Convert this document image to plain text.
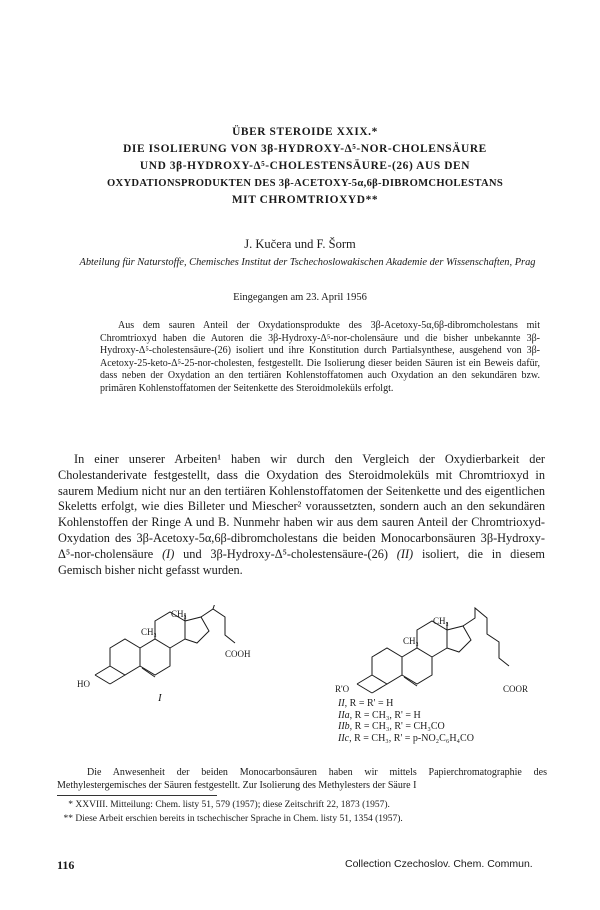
ÜBER STEROIDE XXIX.*
DIE ISOLIERUNG VON 3β-HYDROXY-Δ⁵-NOR-CHOLENSÄURE
UND 3β-HYDROXY-Δ⁵-CHOLESTENSÄURE-(26) AUS DEN
OXYDATIONSPRODUKTEN DES 3β-ACETOXY-5α,6β-DIBROMCHOLESTANS
MIT CHROMTRIOXYD**
J. Kučera und F. Šorm
Abteilung für Naturstoffe, Chemisches Institut der Tschechoslowakischen Akademie der Wissenschaften, Prag
Eingegangen am 23. April 1956
Aus dem sauren Anteil der Oxydationsprodukte des 3β-Acetoxy-5α,6β-dibromcholestans mit Chromtrioxyd haben die Autoren die 3β-Hydroxy-Δ⁵-nor-cholensäure und die bisher unbekannte 3β-Hydroxy-Δ⁵-cholestensäure-(26) isoliert und ihre Konstitution durch Partialsynthese, ausgehend von 3β-Acetoxy-25-keto-Δ⁵-25-nor-cholesten, festgestellt. Die Isolierung dieser beiden Säuren ist ein Beweis dafür, dass neben der Oxydation an den tertiären Kohlenstoffatomen auch Oxydation an den sekundären bzw. primären Kohlenstoffatomen der Seitenkette des Steroidmoleküls erfolgt.
In einer unserer Arbeiten¹ haben wir durch den Vergleich der Oxydierbarkeit der Cholestanderivate festgestellt, dass die Oxydation des Steroidmoleküls mit Chromtrioxyd in saurem Medium nicht nur an den tertiären Kohlenstoffatomen der Seitenkette und des eigentlichen Skeletts erfolgt, wie dies Billeter und Miescher² voraussetzten, sondern auch an den sekundären Kohlenstoffen der Ringe A und B. Nunmehr haben wir aus dem sauren Anteil der Chromtrioxyd-Oxydation des 3β-Acetoxy-5α,6β-dibromcholestans die beiden Monocarbonsäuren 3β-Hydroxy-Δ⁵-nor-cholensäure (I) und 3β-Hydroxy-Δ⁵-cholestensäure-(26) (II) isoliert, die in diesem Gemisch bisher nicht gefasst wurden.
CH₃
CH₃
COOH
HO
I
CH₃
CH₃
COOR
R'O
II, R = R' = H
IIa, R = CH₃, R' = H
IIb, R = CH₃, R' = CH₃CO
IIc, R = CH₃, R' = p-NO₂C₆H₄CO
Die Anwesenheit der beiden Monocarbonsäuren haben wir mittels Papierchromatographie des Methylestergemisches der Säuren festgestellt. Zur Isolierung des Methylesters der Säure I
* XXVIII. Mitteilung: Chem. listy 51, 579 (1957); diese Zeitschrift 22, 1873 (1957).
** Diese Arbeit erschien bereits in tschechischer Sprache in Chem. listy 51, 1354 (1957).
116	Collection Czechoslov. Chem. Commun.
